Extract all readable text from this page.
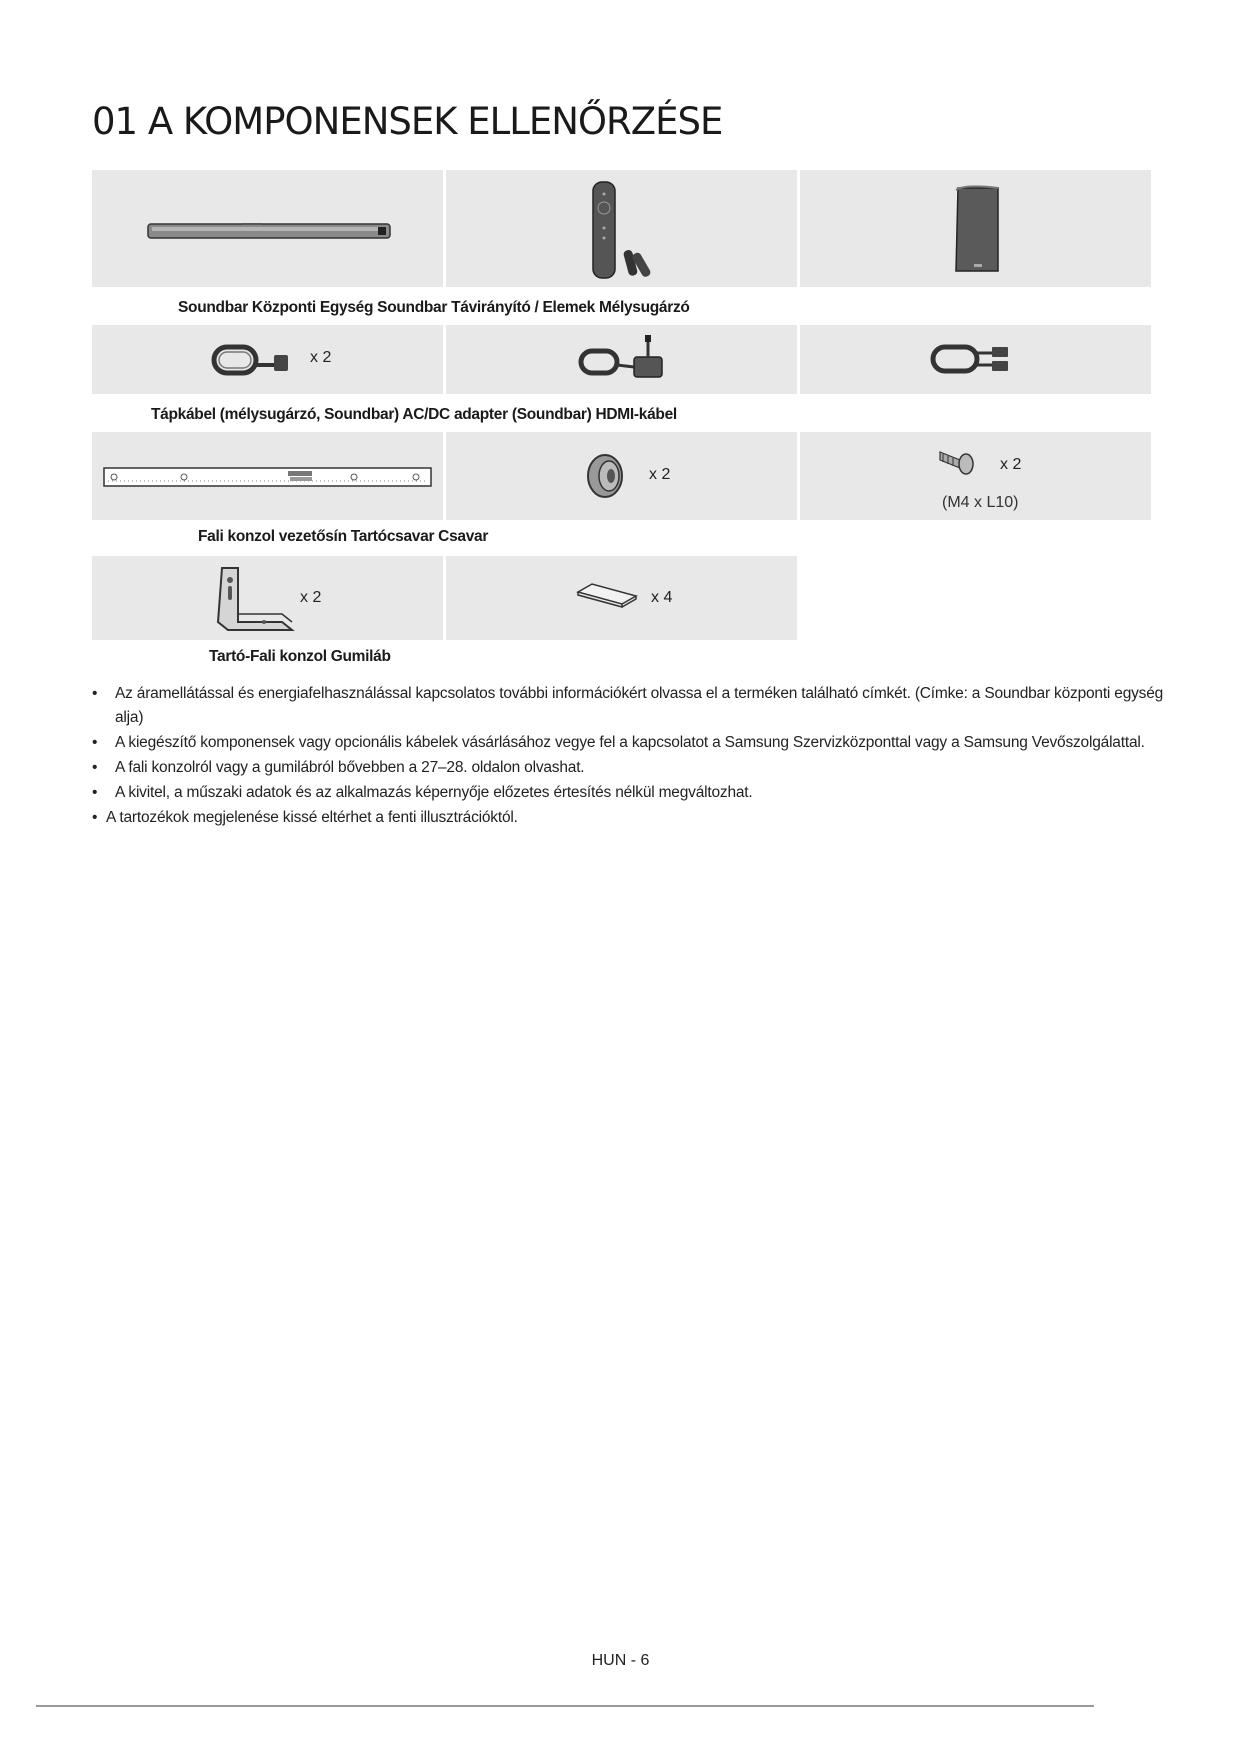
01 A KOMPONENSEK ELLENŐRZÉSE
Soundbar Központi Egység Soundbar Távirányító / Elemek Mélysugárzó
x 2
Tápkábel (mélysugárzó, Soundbar) AC/DC adapter (Soundbar) HDMI-kábel
x 2
x 2
(M4 x L10)
Fali konzol vezetősín Tartócsavar Csavar
x 2	x 4
Tartó-Fali konzol Gumiláb
• Az áramellátással és energiafelhasználással kapcsolatos további információkért olvassa el a terméken található címkét. (Címke: a Soundbar központi egység alja)
• A kiegészítő komponensek vagy opcionális kábelek vásárlásához vegye fel a kapcsolatot a Samsung Szervizközponttal vagy a Samsung Vevőszolgálattal.
• A fali konzolról vagy a gumilábról bővebben a 27–28. oldalon olvashat.
• A kivitel, a műszaki adatok és az alkalmazás képernyője előzetes értesítés nélkül megváltozhat.
• A tartozékok megjelenése kissé eltérhet a fenti illusztrációktól.
HUN - 6
